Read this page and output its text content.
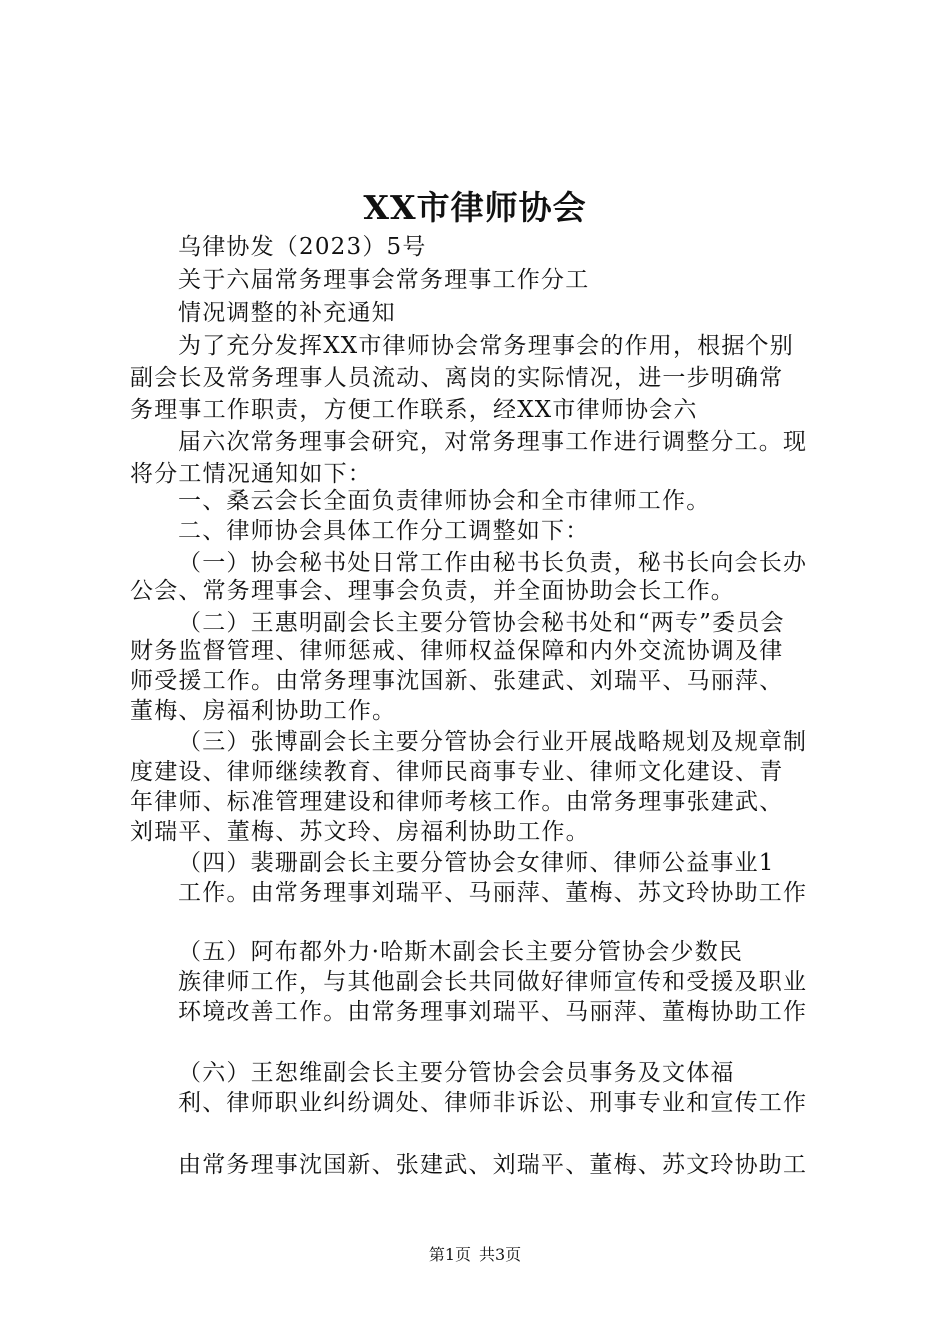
XX市律师协会
乌律协发（2023）5号
关于六届常务理事会常务理事工作分工
情况调整的补充通知
为了充分发挥XX市律师协会常务理事会的作用，根据个别
副会长及常务理事人员流动、离岗的实际情况，进一步明确常
务理事工作职责，方便工作联系，经XX市律师协会六
届六次常务理事会研究，对常务理事工作进行调整分工。现
将分工情况通知如下：
一、桑云会长全面负责律师协会和全市律师工作。
二、律师协会具体工作分工调整如下：
（一）协会秘书处日常工作由秘书长负责，秘书长向会长办
公会、常务理事会、理事会负责，并全面协助会长工作。
（二）王惠明副会长主要分管协会秘书处和“两专”委员会
财务监督管理、律师惩戒、律师权益保障和内外交流协调及律
师受援工作。由常务理事沈国新、张建武、刘瑞平、马丽萍、
董梅、房福利协助工作。
（三）张博副会长主要分管协会行业开展战略规划及规章制
度建设、律师继续教育、律师民商事专业、律师文化建设、青
年律师、标准管理建设和律师考核工作。由常务理事张建武、
刘瑞平、董梅、苏文玲、房福利协助工作。
（四）裴珊副会长主要分管协会女律师、律师公益事业1
工作。由常务理事刘瑞平、马丽萍、董梅、苏文玲协助工作
（五）阿布都外力·哈斯木副会长主要分管协会少数民
族律师工作，与其他副会长共同做好律师宣传和受援及职业
环境改善工作。由常务理事刘瑞平、马丽萍、董梅协助工作
（六）王恕维副会长主要分管协会会员事务及文体福
利、律师职业纠纷调处、律师非诉讼、刑事专业和宣传工作
由常务理事沈国新、张建武、刘瑞平、董梅、苏文玲协助工
第1页 共3页
